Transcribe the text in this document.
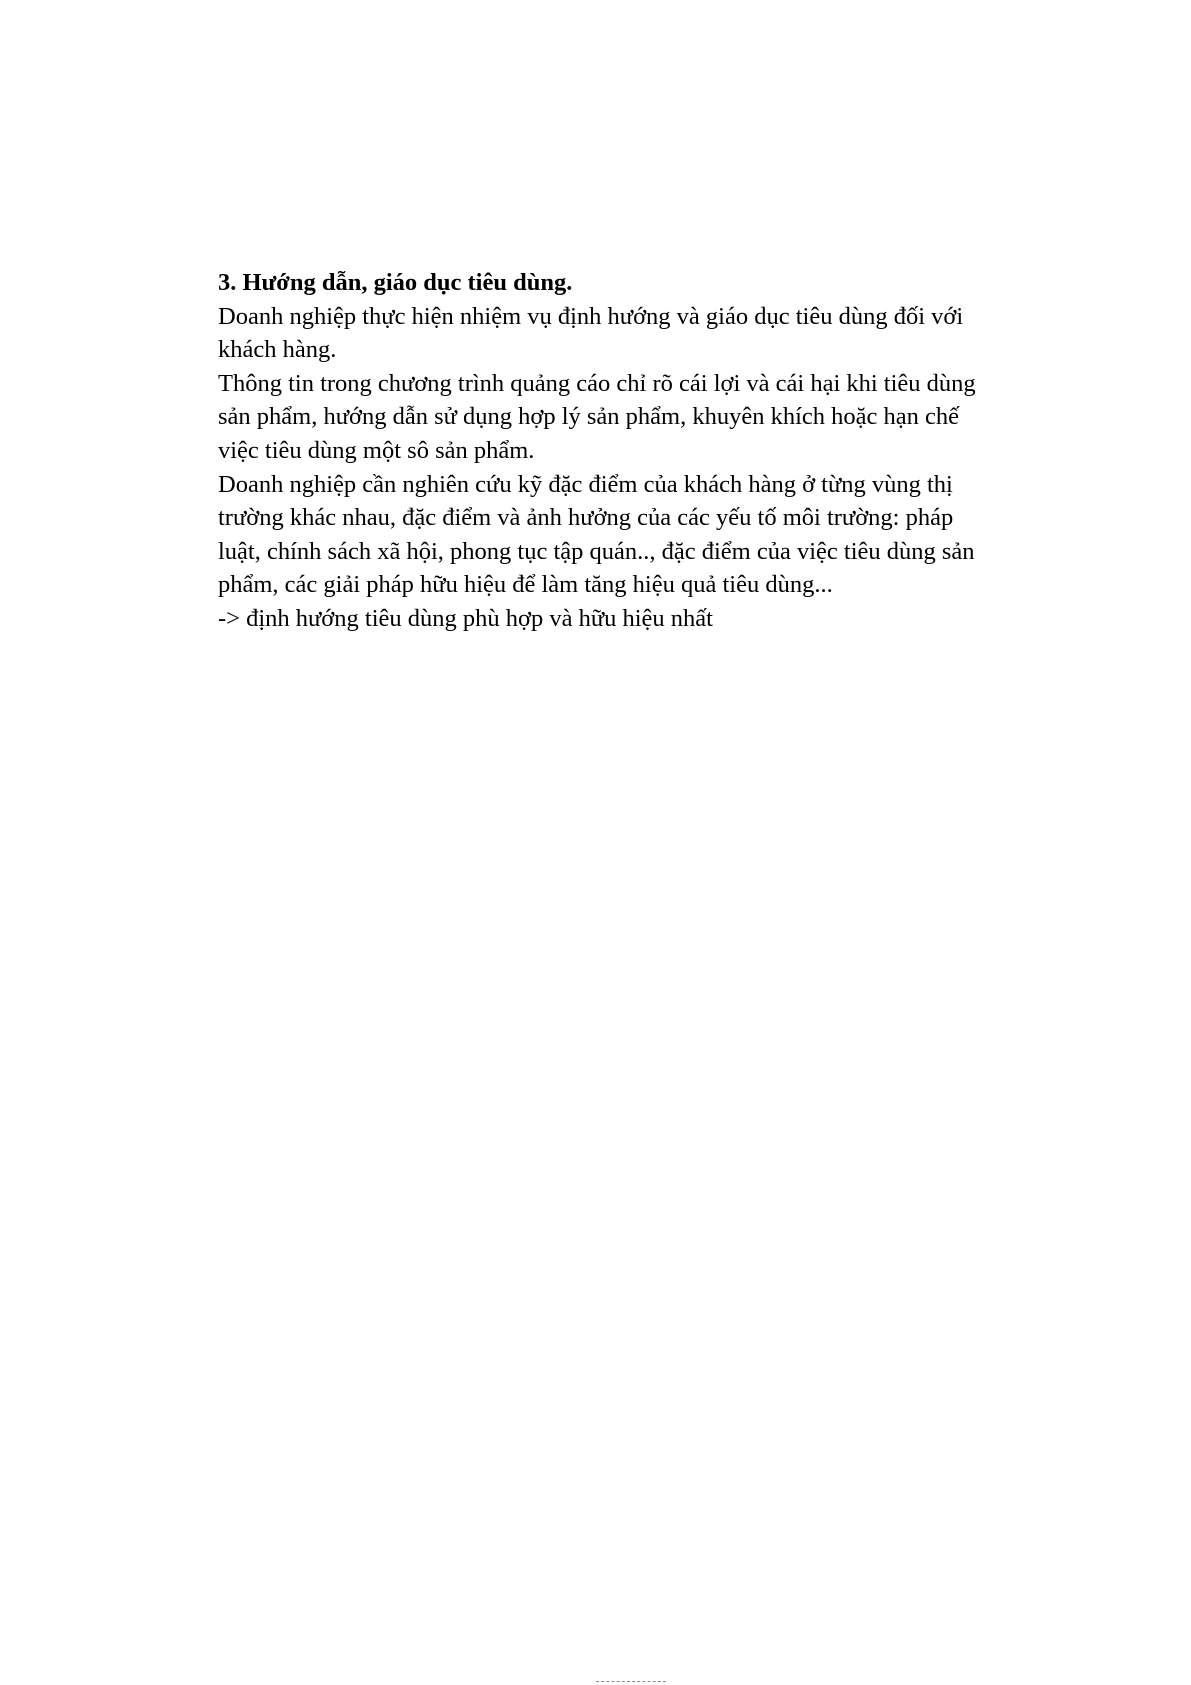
3. Hướng dẫn, giáo dục tiêu dùng.

Doanh nghiệp thực hiện nhiệm vụ định hướng và giáo dục tiêu dùng đối với

khách hàng.

Thông tin trong chương trình quảng cáo chỉ rõ cái lợi và cái hại khi tiêu dùng

sản phẩm, hướng dẫn sử dụng hợp lý sản phẩm, khuyên khích hoặc hạn chế

việc tiêu dùng một sô sản phẩm.

Doanh nghiệp cần nghiên cứu kỹ đặc điểm của khách hàng ở từng vùng thị

trường khác nhau, đặc điểm và ảnh hưởng của các yếu tố môi trường: pháp

luật, chính sách xã hội, phong tục tập quán.., đặc điểm của việc tiêu dùng sản

phẩm, các giải pháp hữu hiệu để làm tăng hiệu quả tiêu dùng...

-> định hướng tiêu dùng phù hợp và hữu hiệu nhất
